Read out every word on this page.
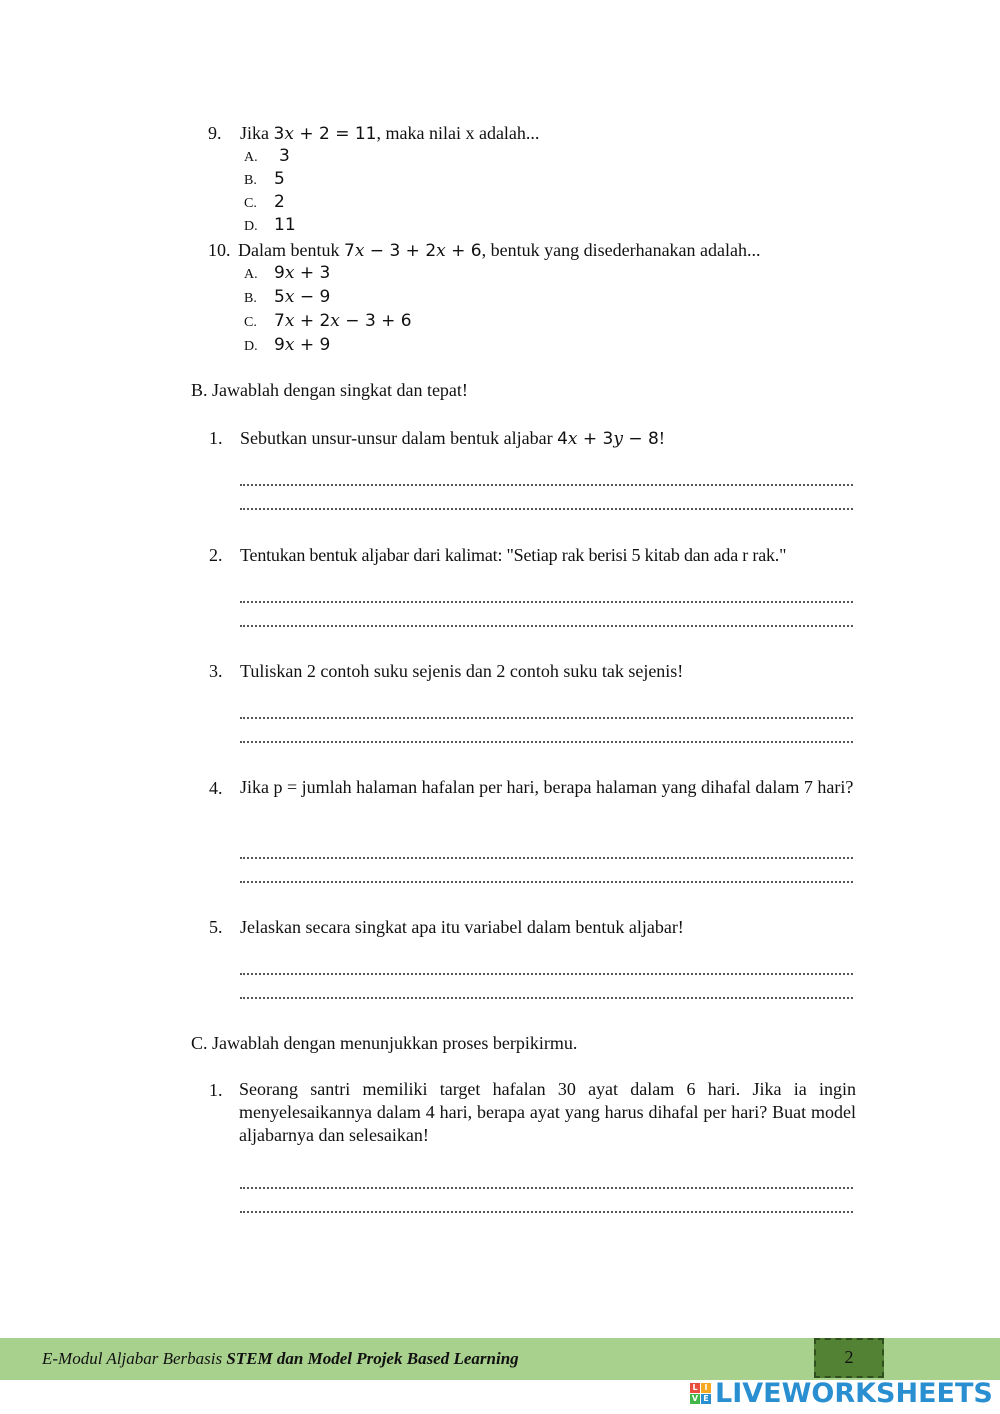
9. Jika 3x + 2 = 11, maka nilai x adalah...
A. 3
B. 5
C. 2
D. 11
10. Dalam bentuk 7x − 3 + 2x + 6, bentuk yang disederhanakan adalah...
A. 9x + 3
B. 5x − 9
C. 7x + 2x − 3 + 6
D. 9x + 9
B. Jawablah dengan singkat dan tepat!
1. Sebutkan unsur-unsur dalam bentuk aljabar 4x + 3y − 8!
2. Tentukan bentuk aljabar dari kalimat: "Setiap rak berisi 5 kitab dan ada r rak."
3. Tuliskan 2 contoh suku sejenis dan 2 contoh suku tak sejenis!
4. Jika p = jumlah halaman hafalan per hari, berapa halaman yang dihafal dalam 7 hari?
5. Jelaskan secara singkat apa itu variabel dalam bentuk aljabar!
C. Jawablah dengan menunjukkan proses berpikirmu.
1. Seorang santri memiliki target hafalan 30 ayat dalam 6 hari. Jika ia ingin menyelesaikannya dalam 4 hari, berapa ayat yang harus dihafal per hari? Buat model aljabarnya dan selesaikan!
E-Modul Aljabar Berbasis STEM dan Model Projek Based Learning	2
L I
V E LIVEWORKSHEETS
